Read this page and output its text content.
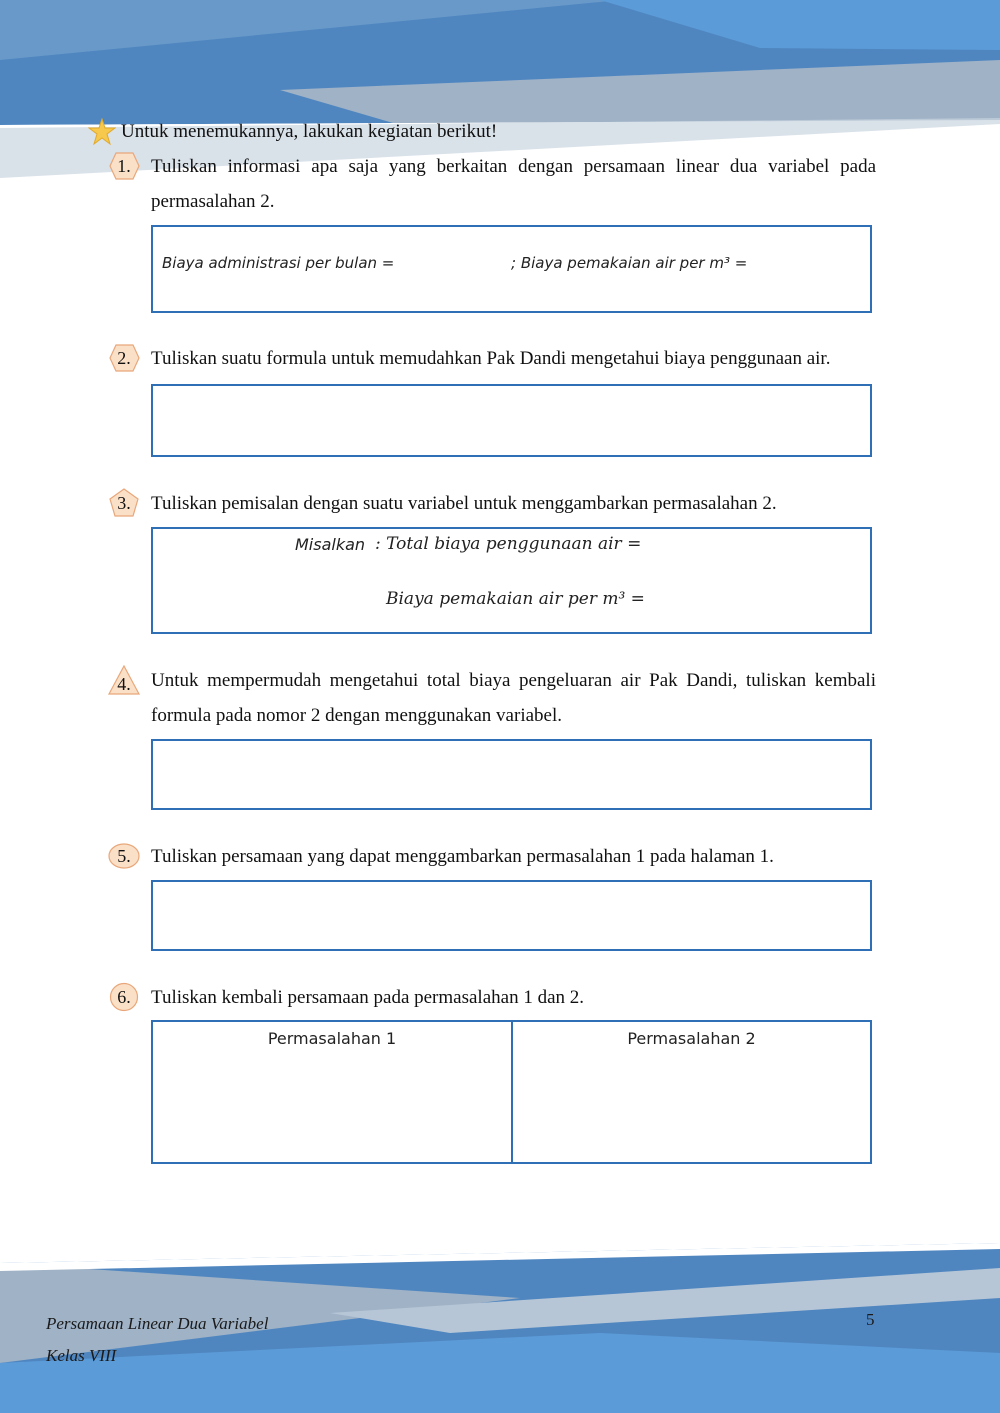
Untuk menemukannya, lakukan kegiatan berikut!
1.	Tuliskan informasi apa saja yang berkaitan dengan persamaan linear dua variabel pada permasalahan 2.
Biaya administrasi per bulan =	; Biaya pemakaian air per m³ =
2.	Tuliskan suatu formula untuk memudahkan Pak Dandi mengetahui biaya penggunaan air.
3.	Tuliskan pemisalan dengan suatu variabel untuk menggambarkan permasalahan 2.
Misalkan : Total biaya penggunaan air =
Biaya pemakaian air per m³ =
4.	Untuk mempermudah mengetahui total biaya pengeluaran air Pak Dandi, tuliskan kembali formula pada nomor 2 dengan menggunakan variabel.
5.	Tuliskan persamaan yang dapat menggambarkan permasalahan 1 pada halaman 1.
6.	Tuliskan kembali persamaan pada permasalahan 1 dan 2.
Permasalahan 1	Permasalahan 2
Persamaan Linear Dua Variabel
Kelas VIII
5
